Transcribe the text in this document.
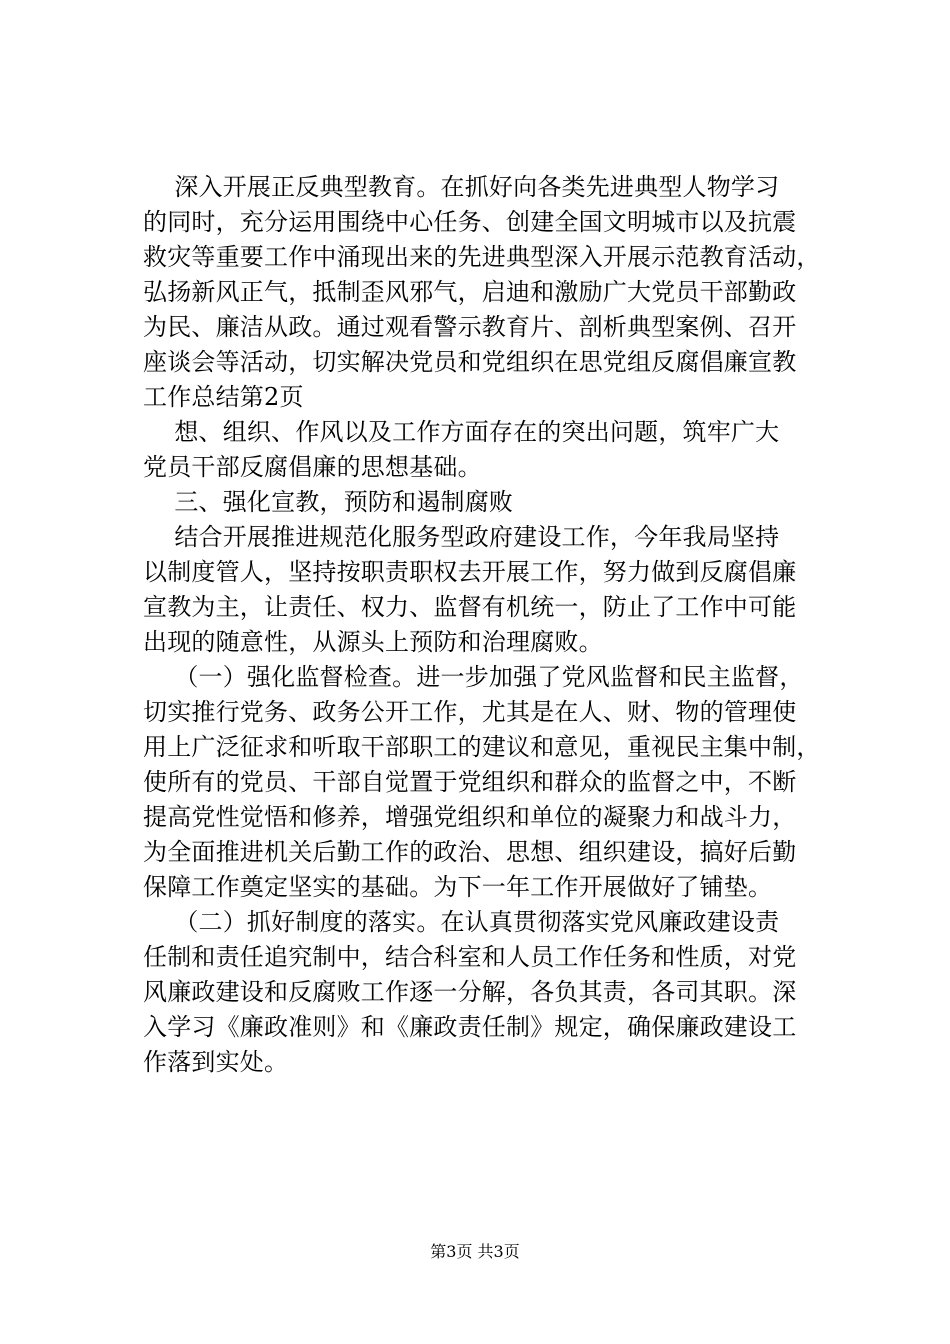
深入开展正反典型教育。在抓好向各类先进典型人物学习
的同时，充分运用围绕中心任务、创建全国文明城市以及抗震
救灾等重要工作中涌现出来的先进典型深入开展示范教育活动，
弘扬新风正气，抵制歪风邪气，启迪和激励广大党员干部勤政
为民、廉洁从政。通过观看警示教育片、剖析典型案例、召开
座谈会等活动，切实解决党员和党组织在思党组反腐倡廉宣教
工作总结第2页
想、组织、作风以及工作方面存在的突出问题，筑牢广大
党员干部反腐倡廉的思想基础。
三、强化宣教，预防和遏制腐败
结合开展推进规范化服务型政府建设工作，今年我局坚持
以制度管人，坚持按职责职权去开展工作，努力做到反腐倡廉
宣教为主，让责任、权力、监督有机统一，防止了工作中可能
出现的随意性，从源头上预防和治理腐败。
（一）强化监督检查。进一步加强了党风监督和民主监督，
切实推行党务、政务公开工作，尤其是在人、财、物的管理使
用上广泛征求和听取干部职工的建议和意见，重视民主集中制，
使所有的党员、干部自觉置于党组织和群众的监督之中，不断
提高党性觉悟和修养，增强党组织和单位的凝聚力和战斗力，
为全面推进机关后勤工作的政治、思想、组织建设，搞好后勤
保障工作奠定坚实的基础。为下一年工作开展做好了铺垫。
（二）抓好制度的落实。在认真贯彻落实党风廉政建设责
任制和责任追究制中，结合科室和人员工作任务和性质，对党
风廉政建设和反腐败工作逐一分解，各负其责，各司其职。深
入学习《廉政准则》和《廉政责任制》规定，确保廉政建设工
作落到实处。
第3页 共3页
